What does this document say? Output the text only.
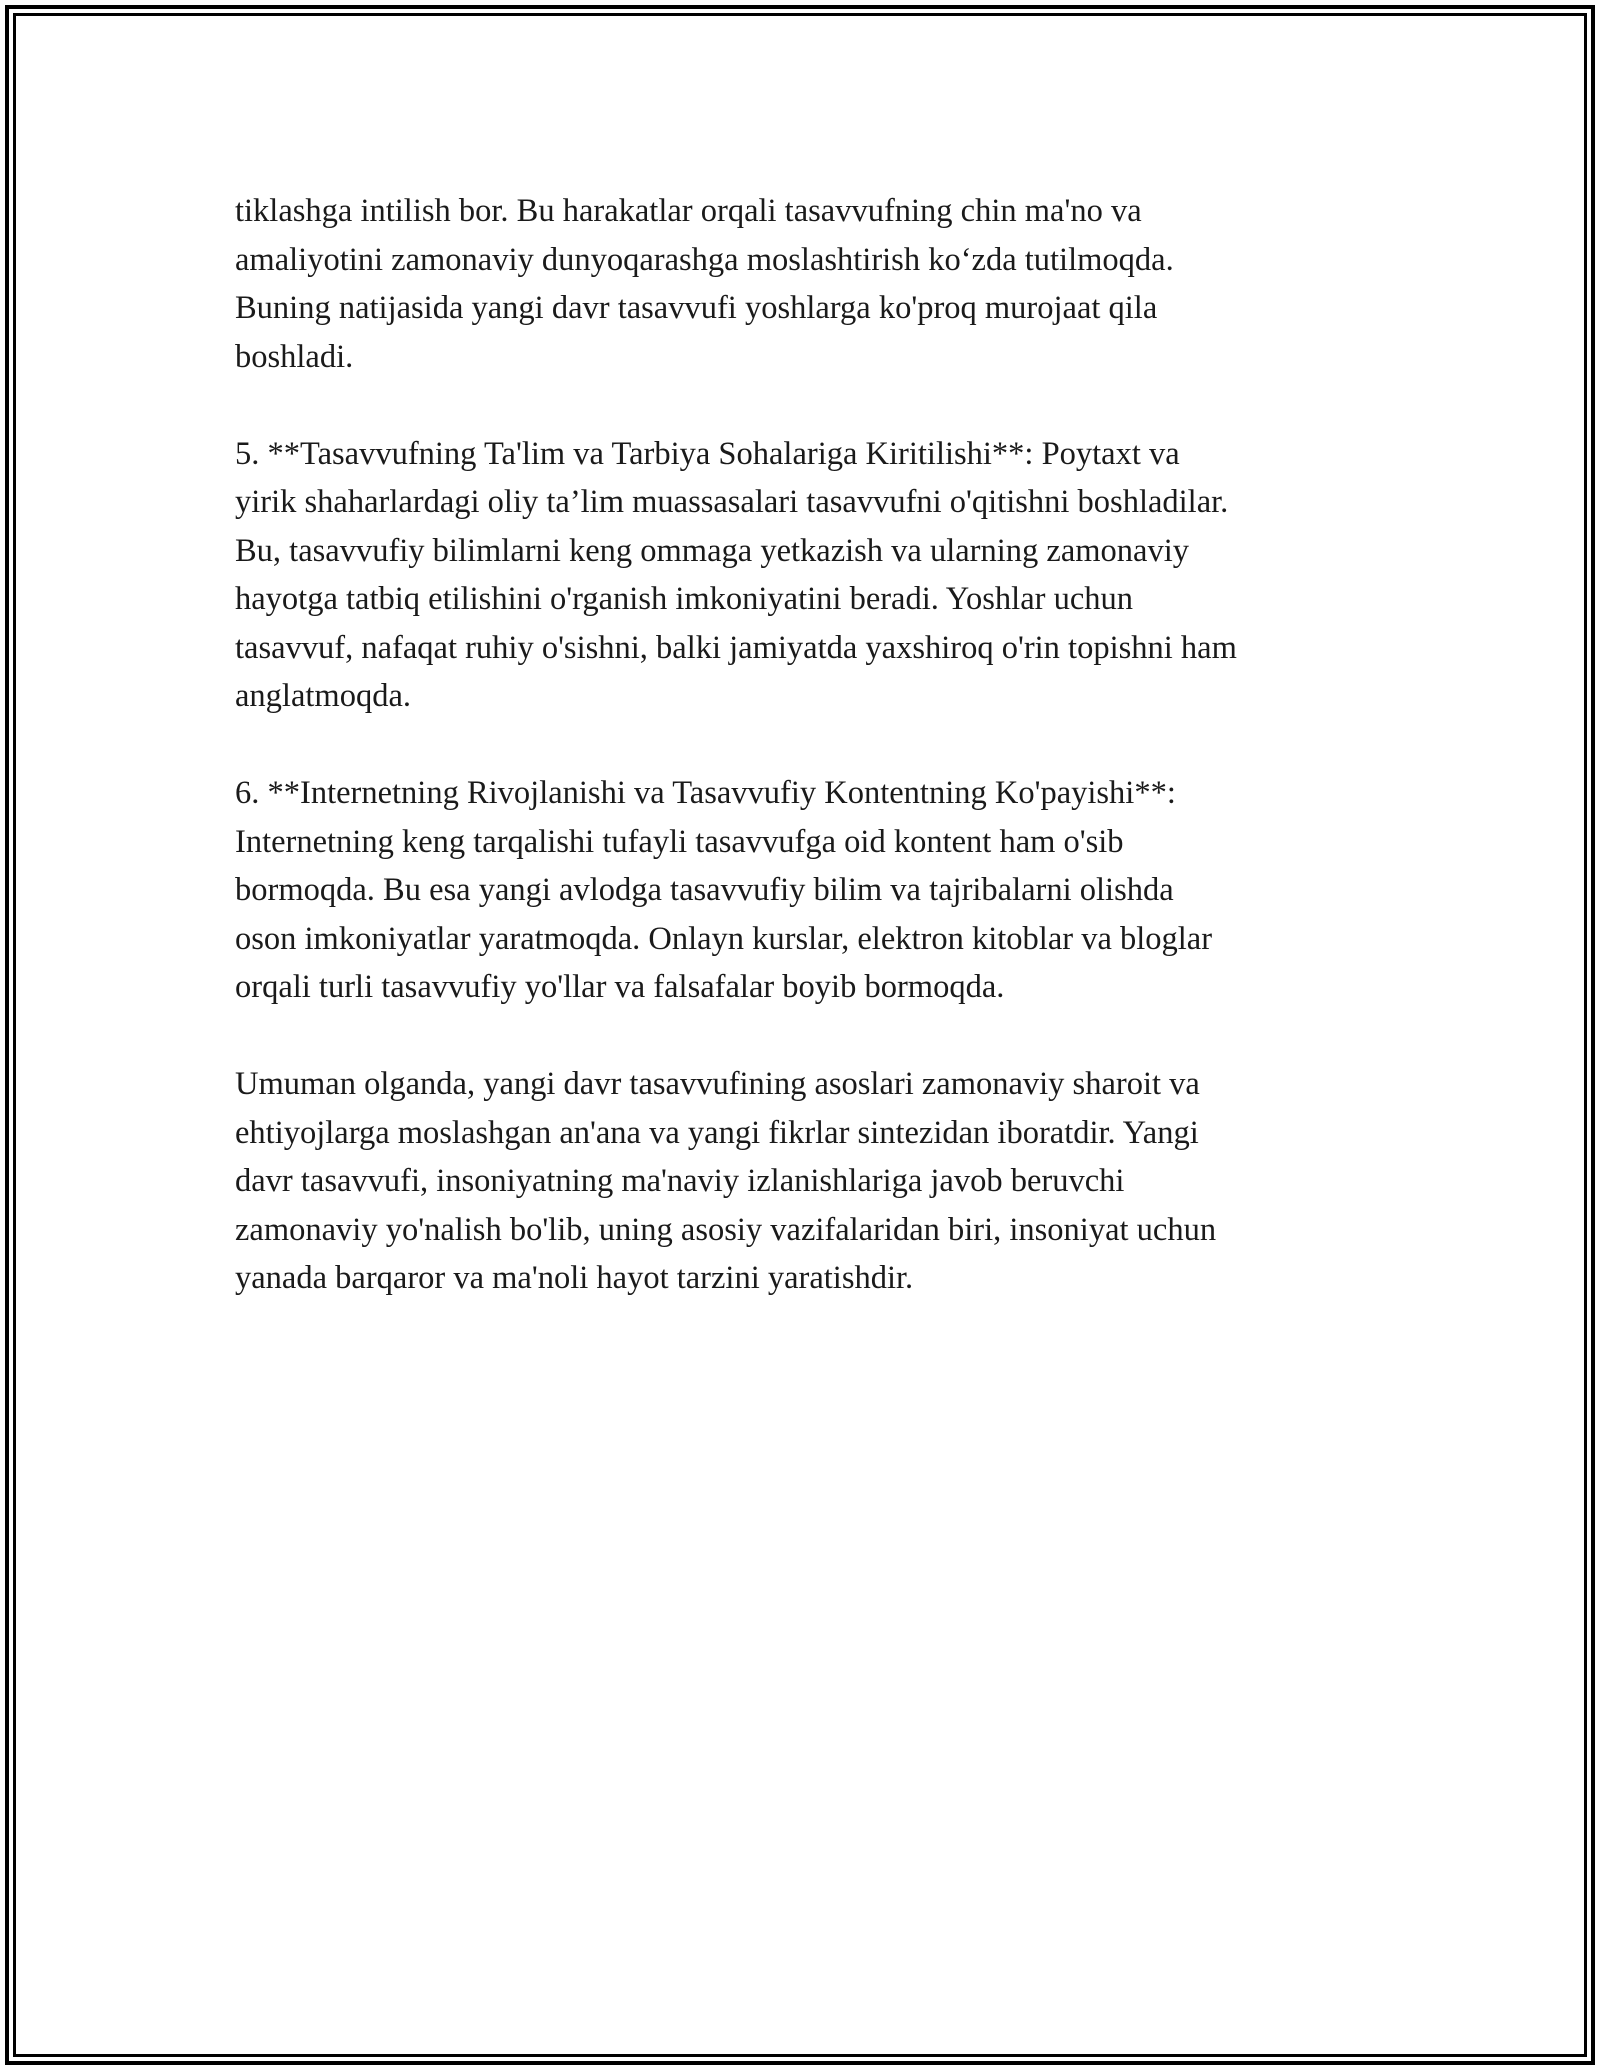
tiklashga intilish bor. Bu harakatlar orqali tasavvufning chin ma'no va
amaliyotini zamonaviy dunyoqarashga moslashtirish ko‘zda tutilmoqda.
Buning natijasida yangi davr tasavvufi yoshlarga ko'proq murojaat qila
boshladi.

5. **Tasavvufning Ta'lim va Tarbiya Sohalariga Kiritilishi**: Poytaxt va
yirik shaharlardagi oliy ta’lim muassasalari tasavvufni o'qitishni boshladilar.
Bu, tasavvufiy bilimlarni keng ommaga yetkazish va ularning zamonaviy
hayotga tatbiq etilishini o'rganish imkoniyatini beradi. Yoshlar uchun
tasavvuf, nafaqat ruhiy o'sishni, balki jamiyatda yaxshiroq o'rin topishni ham
anglatmoqda.

6. **Internetning Rivojlanishi va Tasavvufiy Kontentning Ko'payishi**:
Internetning keng tarqalishi tufayli tasavvufga oid kontent ham o'sib
bormoqda. Bu esa yangi avlodga tasavvufiy bilim va tajribalarni olishda
oson imkoniyatlar yaratmoqda. Onlayn kurslar, elektron kitoblar va bloglar
orqali turli tasavvufiy yo'llar va falsafalar boyib bormoqda.

Umuman olganda, yangi davr tasavvufining asoslari zamonaviy sharoit va
ehtiyojlarga moslashgan an'ana va yangi fikrlar sintezidan iboratdir. Yangi
davr tasavvufi, insoniyatning ma'naviy izlanishlariga javob beruvchi
zamonaviy yo'nalish bo'lib, uning asosiy vazifalaridan biri, insoniyat uchun
yanada barqaror va ma'noli hayot tarzini yaratishdir.
